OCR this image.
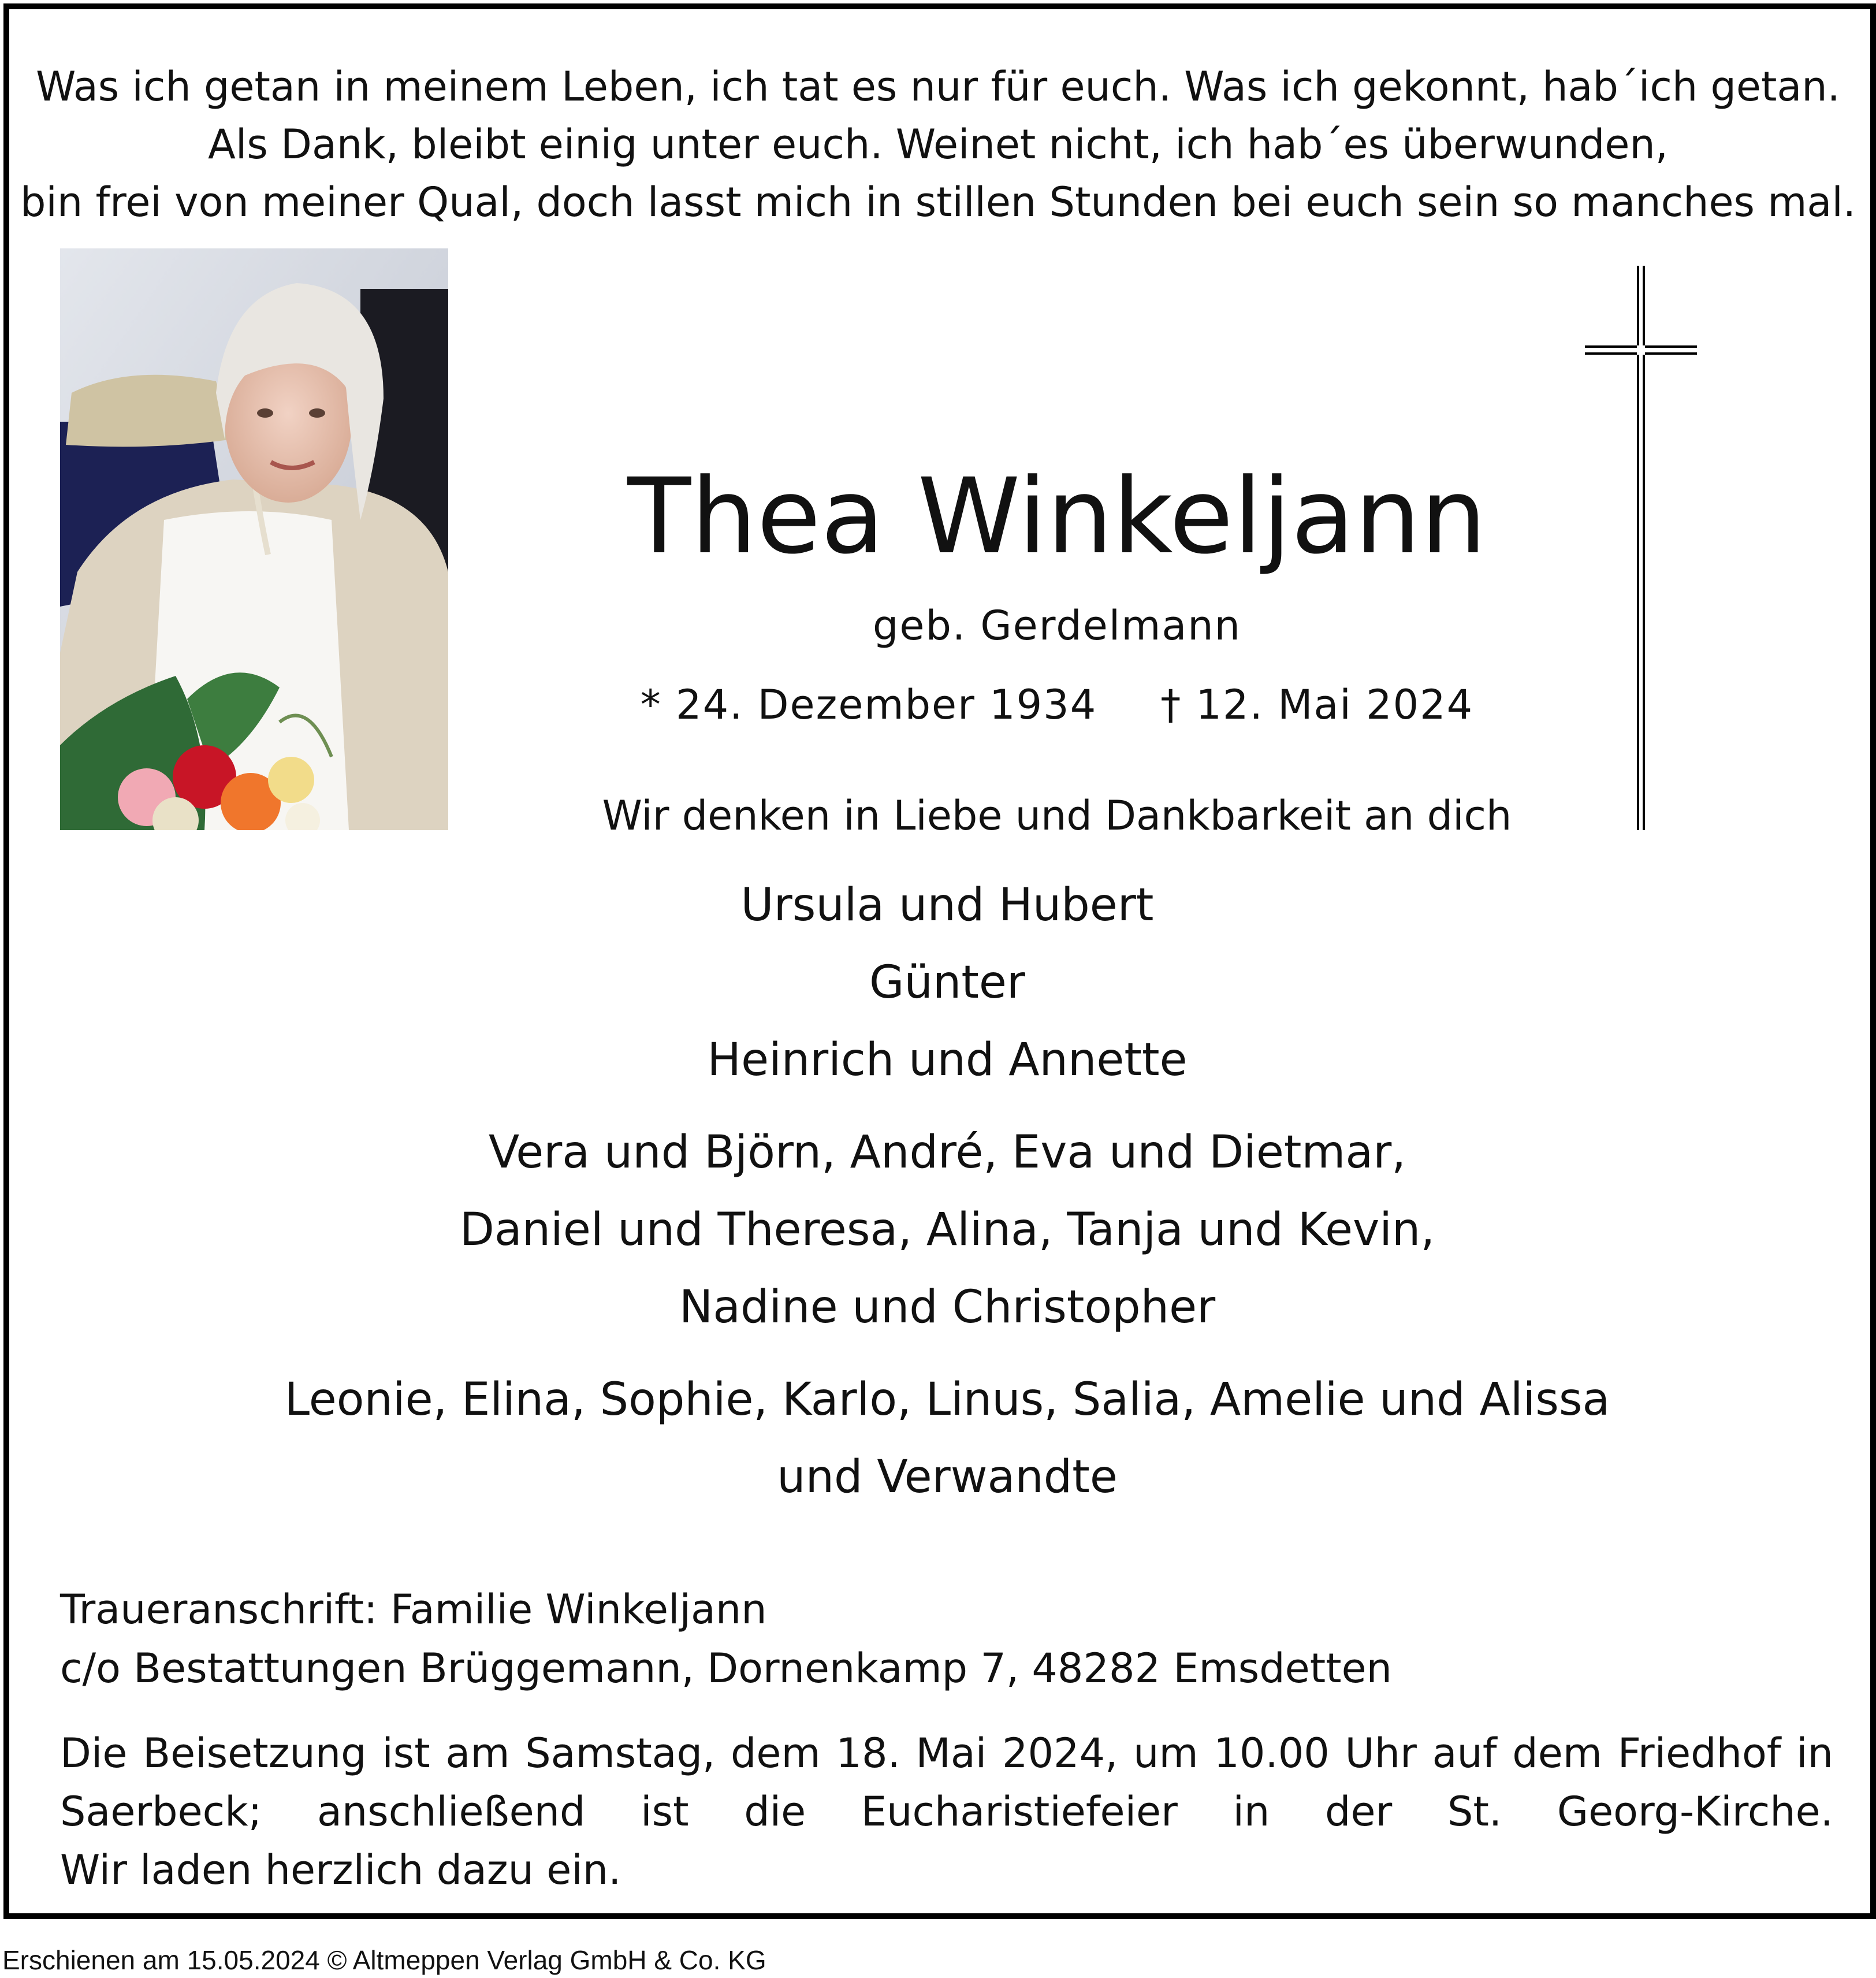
Was ich getan in meinem Leben, ich tat es nur für euch. Was ich gekonnt, hab´ich getan.
Als Dank, bleibt einig unter euch. Weinet nicht, ich hab´es überwunden,
bin frei von meiner Qual, doch lasst mich in stillen Stunden bei euch sein so manches mal.
Thea Winkeljann
geb. Gerdelmann
* 24. Dezember 1934 † 12. Mai 2024
Wir denken in Liebe und Dankbarkeit an dich
Ursula und Hubert
Günter
Heinrich und Annette
Vera und Björn, André, Eva und Dietmar,
Daniel und Theresa, Alina, Tanja und Kevin,
Nadine und Christopher
Leonie, Elina, Sophie, Karlo, Linus, Salia, Amelie und Alissa
und Verwandte
Traueranschrift: Familie Winkeljann
c/o Bestattungen Brüggemann, Dornenkamp 7, 48282 Emsdetten
Die Beisetzung ist am Samstag, dem 18. Mai 2024, um 10.00 Uhr auf dem Friedhof in
Saerbeck; anschließend ist die Eucharistiefeier in der St. Georg-Kirche.
Wir laden herzlich dazu ein.
Erschienen am 15.05.2024 © Altmeppen Verlag GmbH & Co. KG
